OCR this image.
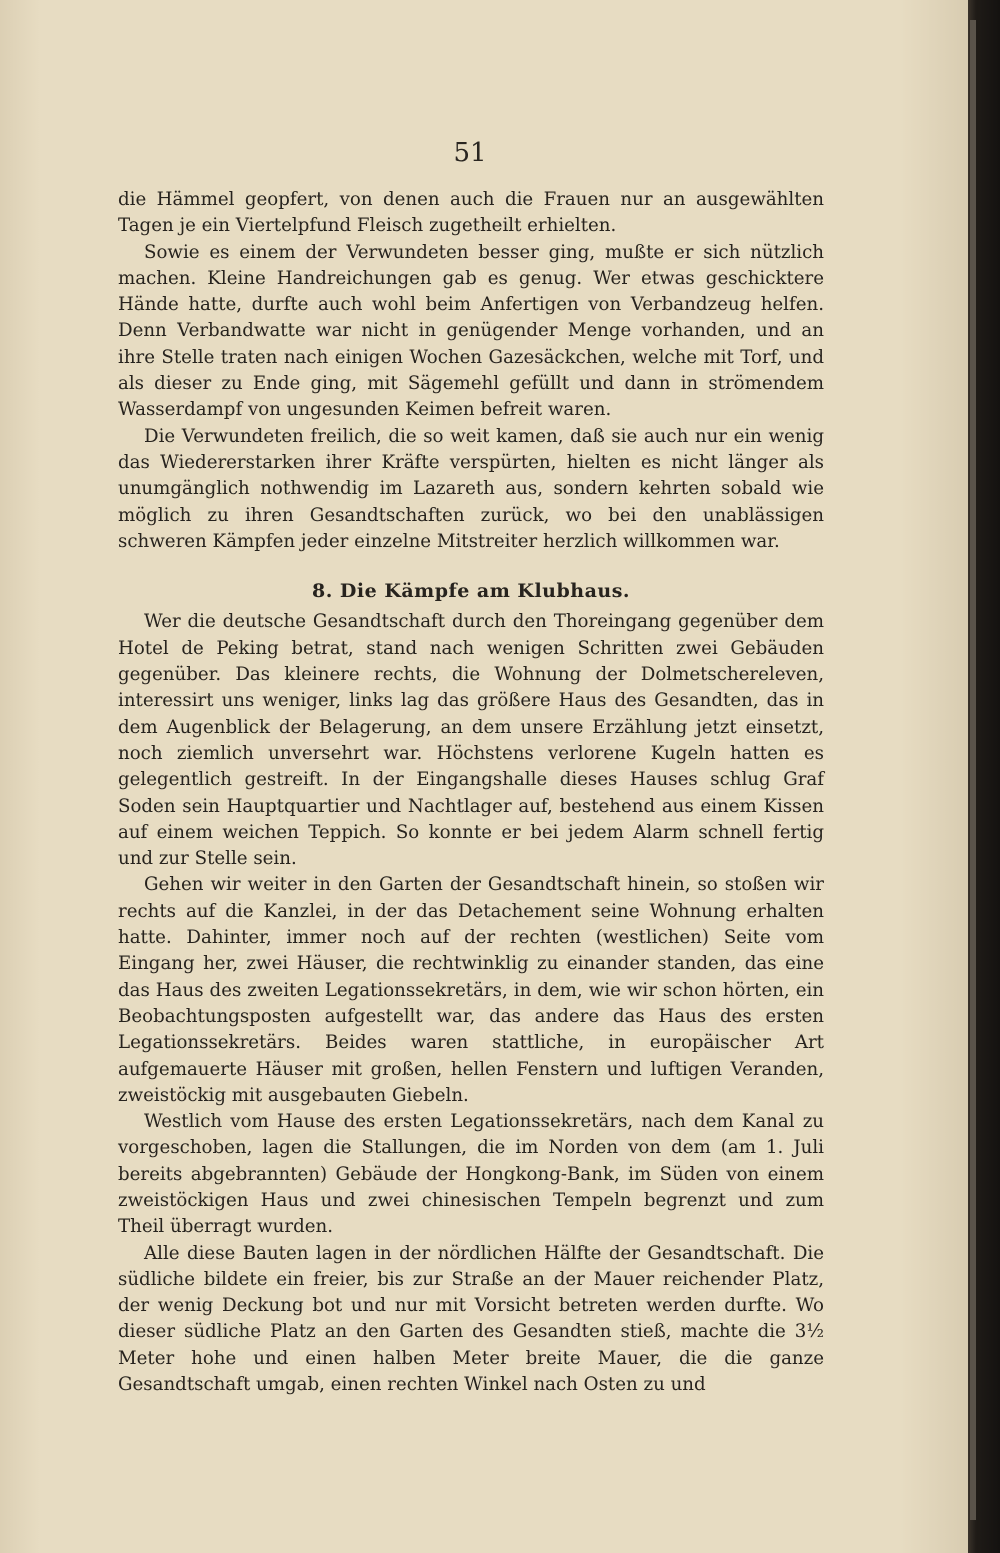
51

die Hämmel geopfert, von denen auch die Frauen nur an ausgewählten Tagen je ein Viertelpfund Fleisch zugetheilt erhielten.

Sowie es einem der Verwundeten besser ging, mußte er sich nützlich machen. Kleine Handreichungen gab es genug. Wer etwas geschicktere Hände hatte, durfte auch wohl beim Anfertigen von Verbandzeug helfen. Denn Verbandwatte war nicht in genügender Menge vorhanden, und an ihre Stelle traten nach einigen Wochen Gazesäckchen, welche mit Torf, und als dieser zu Ende ging, mit Sägemehl gefüllt und dann in strömendem Wasserdampf von ungesunden Keimen befreit waren.

Die Verwundeten freilich, die so weit kamen, daß sie auch nur ein wenig das Wiedererstarken ihrer Kräfte verspürten, hielten es nicht länger als unumgänglich nothwendig im Lazareth aus, sondern kehrten sobald wie möglich zu ihren Gesandtschaften zurück, wo bei den unablässigen schweren Kämpfen jeder einzelne Mitstreiter herzlich willkommen war.

8. Die Kämpfe am Klubhaus.

Wer die deutsche Gesandtschaft durch den Thoreingang gegenüber dem Hotel de Peking betrat, stand nach wenigen Schritten zwei Gebäuden gegenüber. Das kleinere rechts, die Wohnung der Dolmetschereleven, interessirt uns weniger, links lag das größere Haus des Gesandten, das in dem Augenblick der Belagerung, an dem unsere Erzählung jetzt einsetzt, noch ziemlich unversehrt war. Höchstens verlorene Kugeln hatten es gelegentlich gestreift. In der Eingangshalle dieses Hauses schlug Graf Soden sein Hauptquartier und Nachtlager auf, bestehend aus einem Kissen auf einem weichen Teppich. So konnte er bei jedem Alarm schnell fertig und zur Stelle sein.

Gehen wir weiter in den Garten der Gesandtschaft hinein, so stoßen wir rechts auf die Kanzlei, in der das Detachement seine Wohnung erhalten hatte. Dahinter, immer noch auf der rechten (westlichen) Seite vom Eingang her, zwei Häuser, die rechtwinklig zu einander standen, das eine das Haus des zweiten Legationssekretärs, in dem, wie wir schon hörten, ein Beobachtungsposten aufgestellt war, das andere das Haus des ersten Legationssekretärs. Beides waren stattliche, in europäischer Art aufgemauerte Häuser mit großen, hellen Fenstern und luftigen Veranden, zweistöckig mit ausgebauten Giebeln.

Westlich vom Hause des ersten Legationssekretärs, nach dem Kanal zu vorgeschoben, lagen die Stallungen, die im Norden von dem (am 1. Juli bereits abgebrannten) Gebäude der Hongkong-Bank, im Süden von einem zweistöckigen Haus und zwei chinesischen Tempeln begrenzt und zum Theil überragt wurden.

Alle diese Bauten lagen in der nördlichen Hälfte der Gesandtschaft. Die südliche bildete ein freier, bis zur Straße an der Mauer reichender Platz, der wenig Deckung bot und nur mit Vorsicht betreten werden durfte. Wo dieser südliche Platz an den Garten des Gesandten stieß, machte die 3½ Meter hohe und einen halben Meter breite Mauer, die die ganze Gesandtschaft umgab, einen rechten Winkel nach Osten zu und
